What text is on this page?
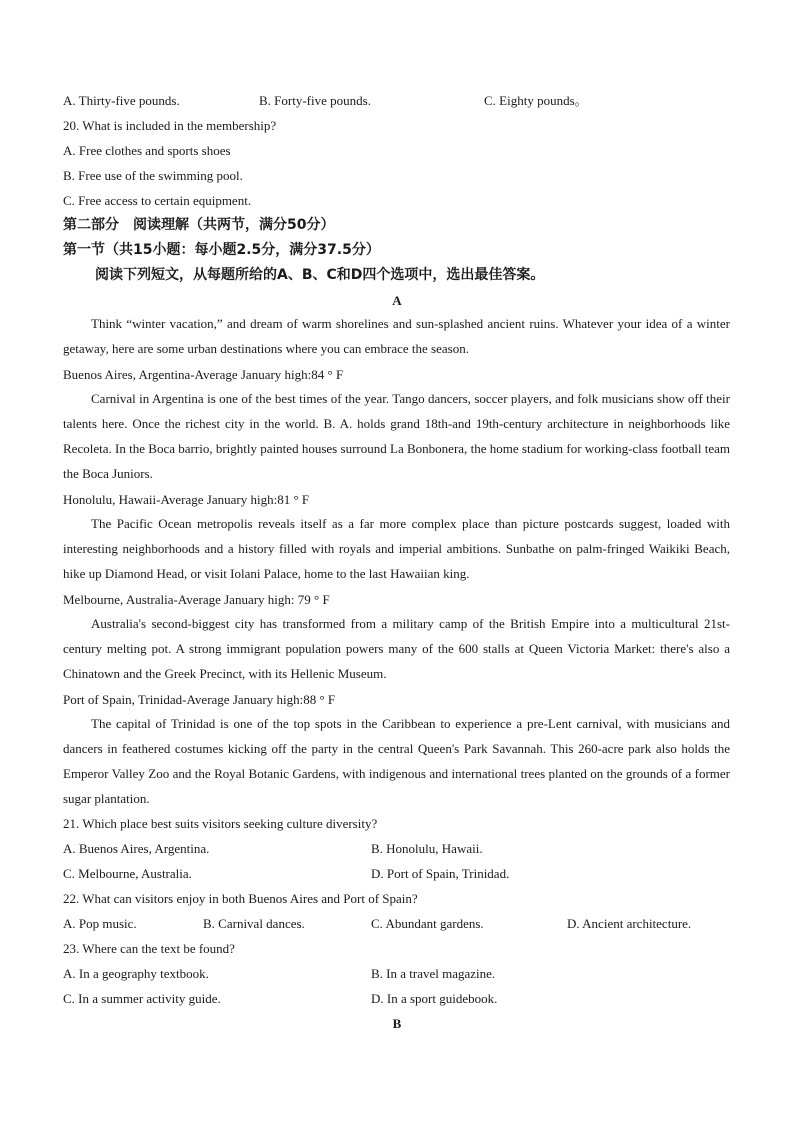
A. Thirty-five pounds.	B. Forty-five pounds.	C. Eighty pounds。
20. What is included in the membership?
A. Free clothes and sports shoes
B. Free use of the swimming pool.
C. Free access to certain equipment.
第二部分　阅读理解（共两节，满分50分）
第一节（共15小题：每小题2.5分，满分37.5分）
阅读下列短文，从每题所给的A、B、C和D四个选项中，选出最佳答案。
A

Think “winter vacation,” and dream of warm shorelines and sun-splashed ancient ruins. Whatever your idea of a winter getaway, here are some urban destinations where you can embrace the season.

Buenos Aires, Argentina-Average January high:84 ° F

Carnival in Argentina is one of the best times of the year. Tango dancers, soccer players, and folk musicians show off their talents here. Once the richest city in the world. B. A. holds grand 18th-and 19th-century architecture in neighborhoods like Recoleta. In the Boca barrio, brightly painted houses surround La Bonbonera, the home stadium for working-class football team the Boca Juniors.

Honolulu, Hawaii-Average January high:81 ° F

The Pacific Ocean metropolis reveals itself as a far more complex place than picture postcards suggest, loaded with interesting neighborhoods and a history filled with royals and imperial ambitions. Sunbathe on palm-fringed Waikiki Beach, hike up Diamond Head, or visit Iolani Palace, home to the last Hawaiian king.

Melbourne, Australia-Average January high: 79 ° F

Australia's second-biggest city has transformed from a military camp of the British Empire into a multicultural 21st-century melting pot. A strong immigrant population powers many of the 600 stalls at Queen Victoria Market: there's also a Chinatown and the Greek Precinct, with its Hellenic Museum.

Port of Spain, Trinidad-Average January high:88 ° F

The capital of Trinidad is one of the top spots in the Caribbean to experience a pre-Lent carnival, with musicians and dancers in feathered costumes kicking off the party in the central Queen's Park Savannah. This 260-acre park also holds the Emperor Valley Zoo and the Royal Botanic Gardens, with indigenous and international trees planted on the grounds of a former sugar plantation.

21. Which place best suits visitors seeking culture diversity?
A. Buenos Aires, Argentina.	B. Honolulu, Hawaii.
C. Melbourne, Australia.	D. Port of Spain, Trinidad.
22. What can visitors enjoy in both Buenos Aires and Port of Spain?
A. Pop music.	B. Carnival dances.	C. Abundant gardens.	D. Ancient architecture.
23. Where can the text be found?
A. In a geography textbook.	B. In a travel magazine.
C. In a summer activity guide.	D. In a sport guidebook.
B
